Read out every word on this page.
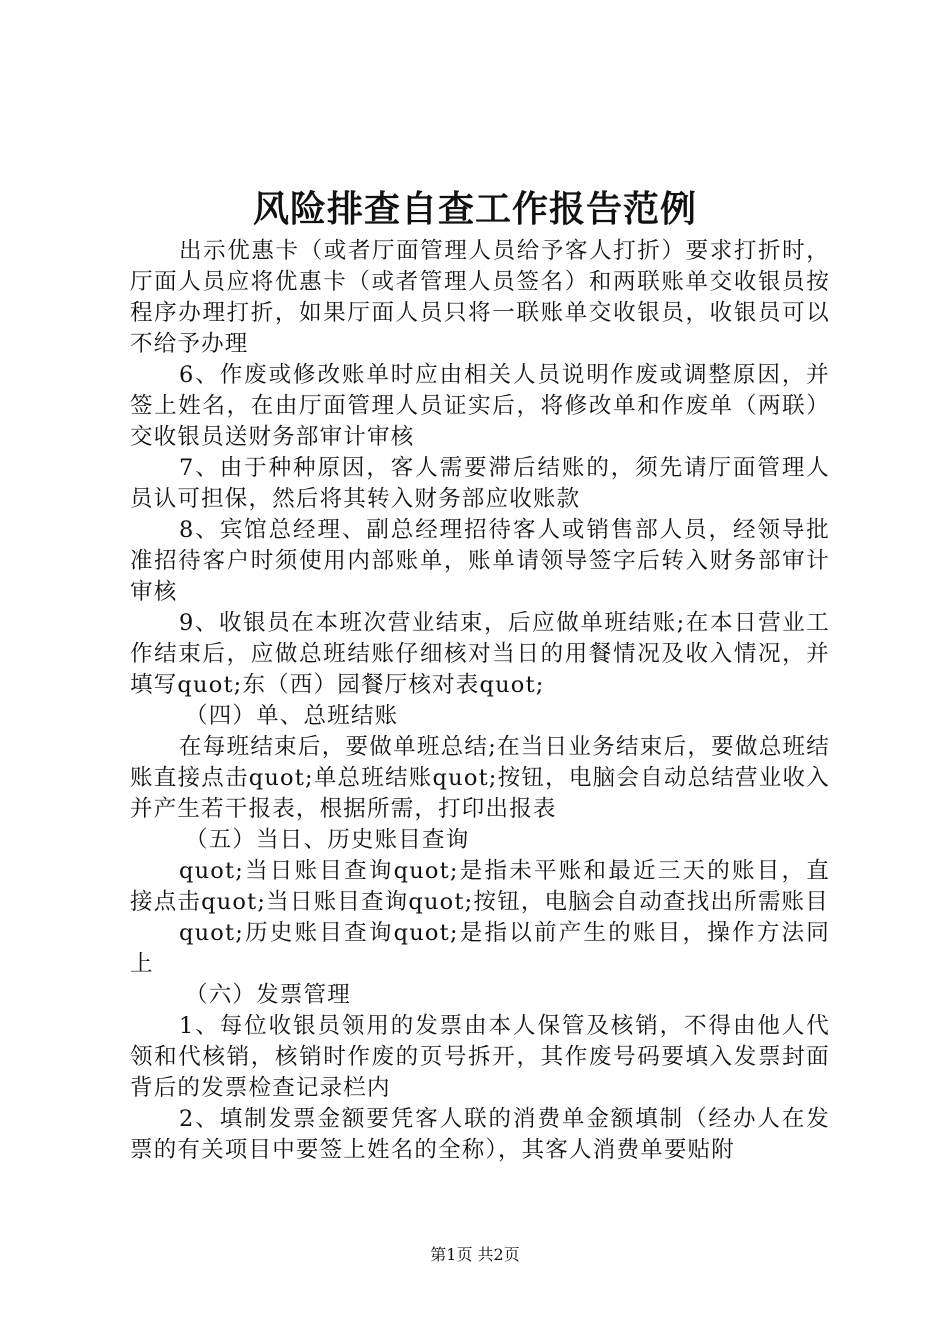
风险排查自查工作报告范例

出示优惠卡（或者厅面管理人员给予客人打折）要求打折时，厅面人员应将优惠卡（或者管理人员签名）和两联账单交收银员按程序办理打折，如果厅面人员只将一联账单交收银员，收银员可以不给予办理

6、作废或修改账单时应由相关人员说明作废或调整原因，并签上姓名，在由厅面管理人员证实后，将修改单和作废单（两联）交收银员送财务部审计审核

7、由于种种原因，客人需要滞后结账的，须先请厅面管理人员认可担保，然后将其转入财务部应收账款

8、宾馆总经理、副总经理招待客人或销售部人员，经领导批准招待客户时须使用内部账单，账单请领导签字后转入财务部审计审核

9、收银员在本班次营业结束，后应做单班结账;在本日营业工作结束后，应做总班结账仔细核对当日的用餐情况及收入情况，并填写quot;东（西）园餐厅核对表quot;

（四）单、总班结账

在每班结束后，要做单班总结;在当日业务结束后，要做总班结账直接点击quot;单总班结账quot;按钮，电脑会自动总结营业收入并产生若干报表，根据所需，打印出报表

（五）当日、历史账目查询

quot;当日账目查询quot;是指未平账和最近三天的账目，直接点击quot;当日账目查询quot;按钮，电脑会自动查找出所需账目

quot;历史账目查询quot;是指以前产生的账目，操作方法同上

（六）发票管理

1、每位收银员领用的发票由本人保管及核销，不得由他人代领和代核销，核销时作废的页号拆开，其作废号码要填入发票封面背后的发票检查记录栏内

2、填制发票金额要凭客人联的消费单金额填制（经办人在发票的有关项目中要签上姓名的全称），其客人消费单要贴附

第1页 共2页
